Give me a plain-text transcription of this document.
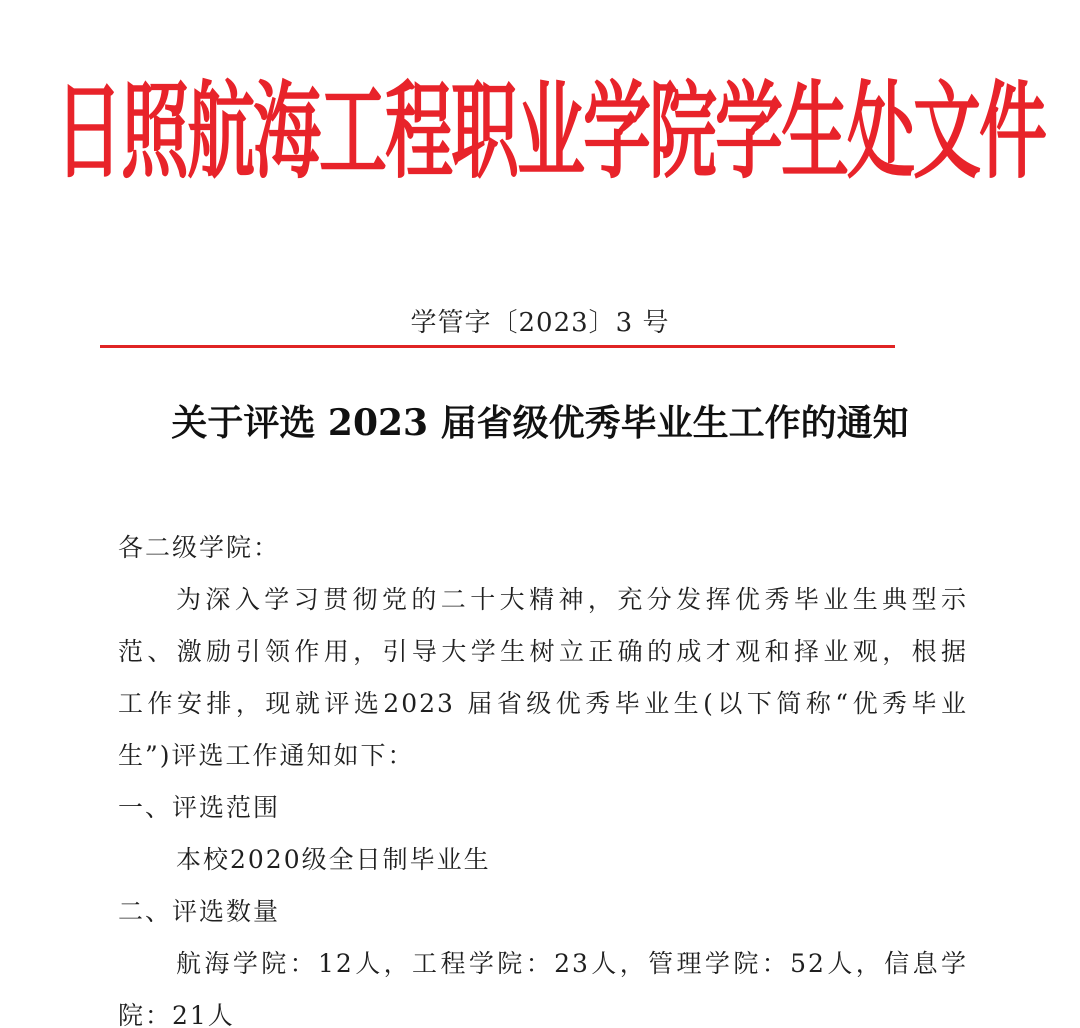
日照航海工程职业学院学生处文件
学管字〔2023〕3 号
关于评选 2023 届省级优秀毕业生工作的通知
各二级学院：
为深入学习贯彻党的二十大精神，充分发挥优秀毕业生典型示
范、激励引领作用，引导大学生树立正确的成才观和择业观，根据
工作安排，现就评选2023 届省级优秀毕业生(以下简称“优秀毕业
生”)评选工作通知如下：
一、评选范围
本校2020级全日制毕业生
二、评选数量
航海学院：12人，工程学院：23人，管理学院：52人，信息学
院：21人
